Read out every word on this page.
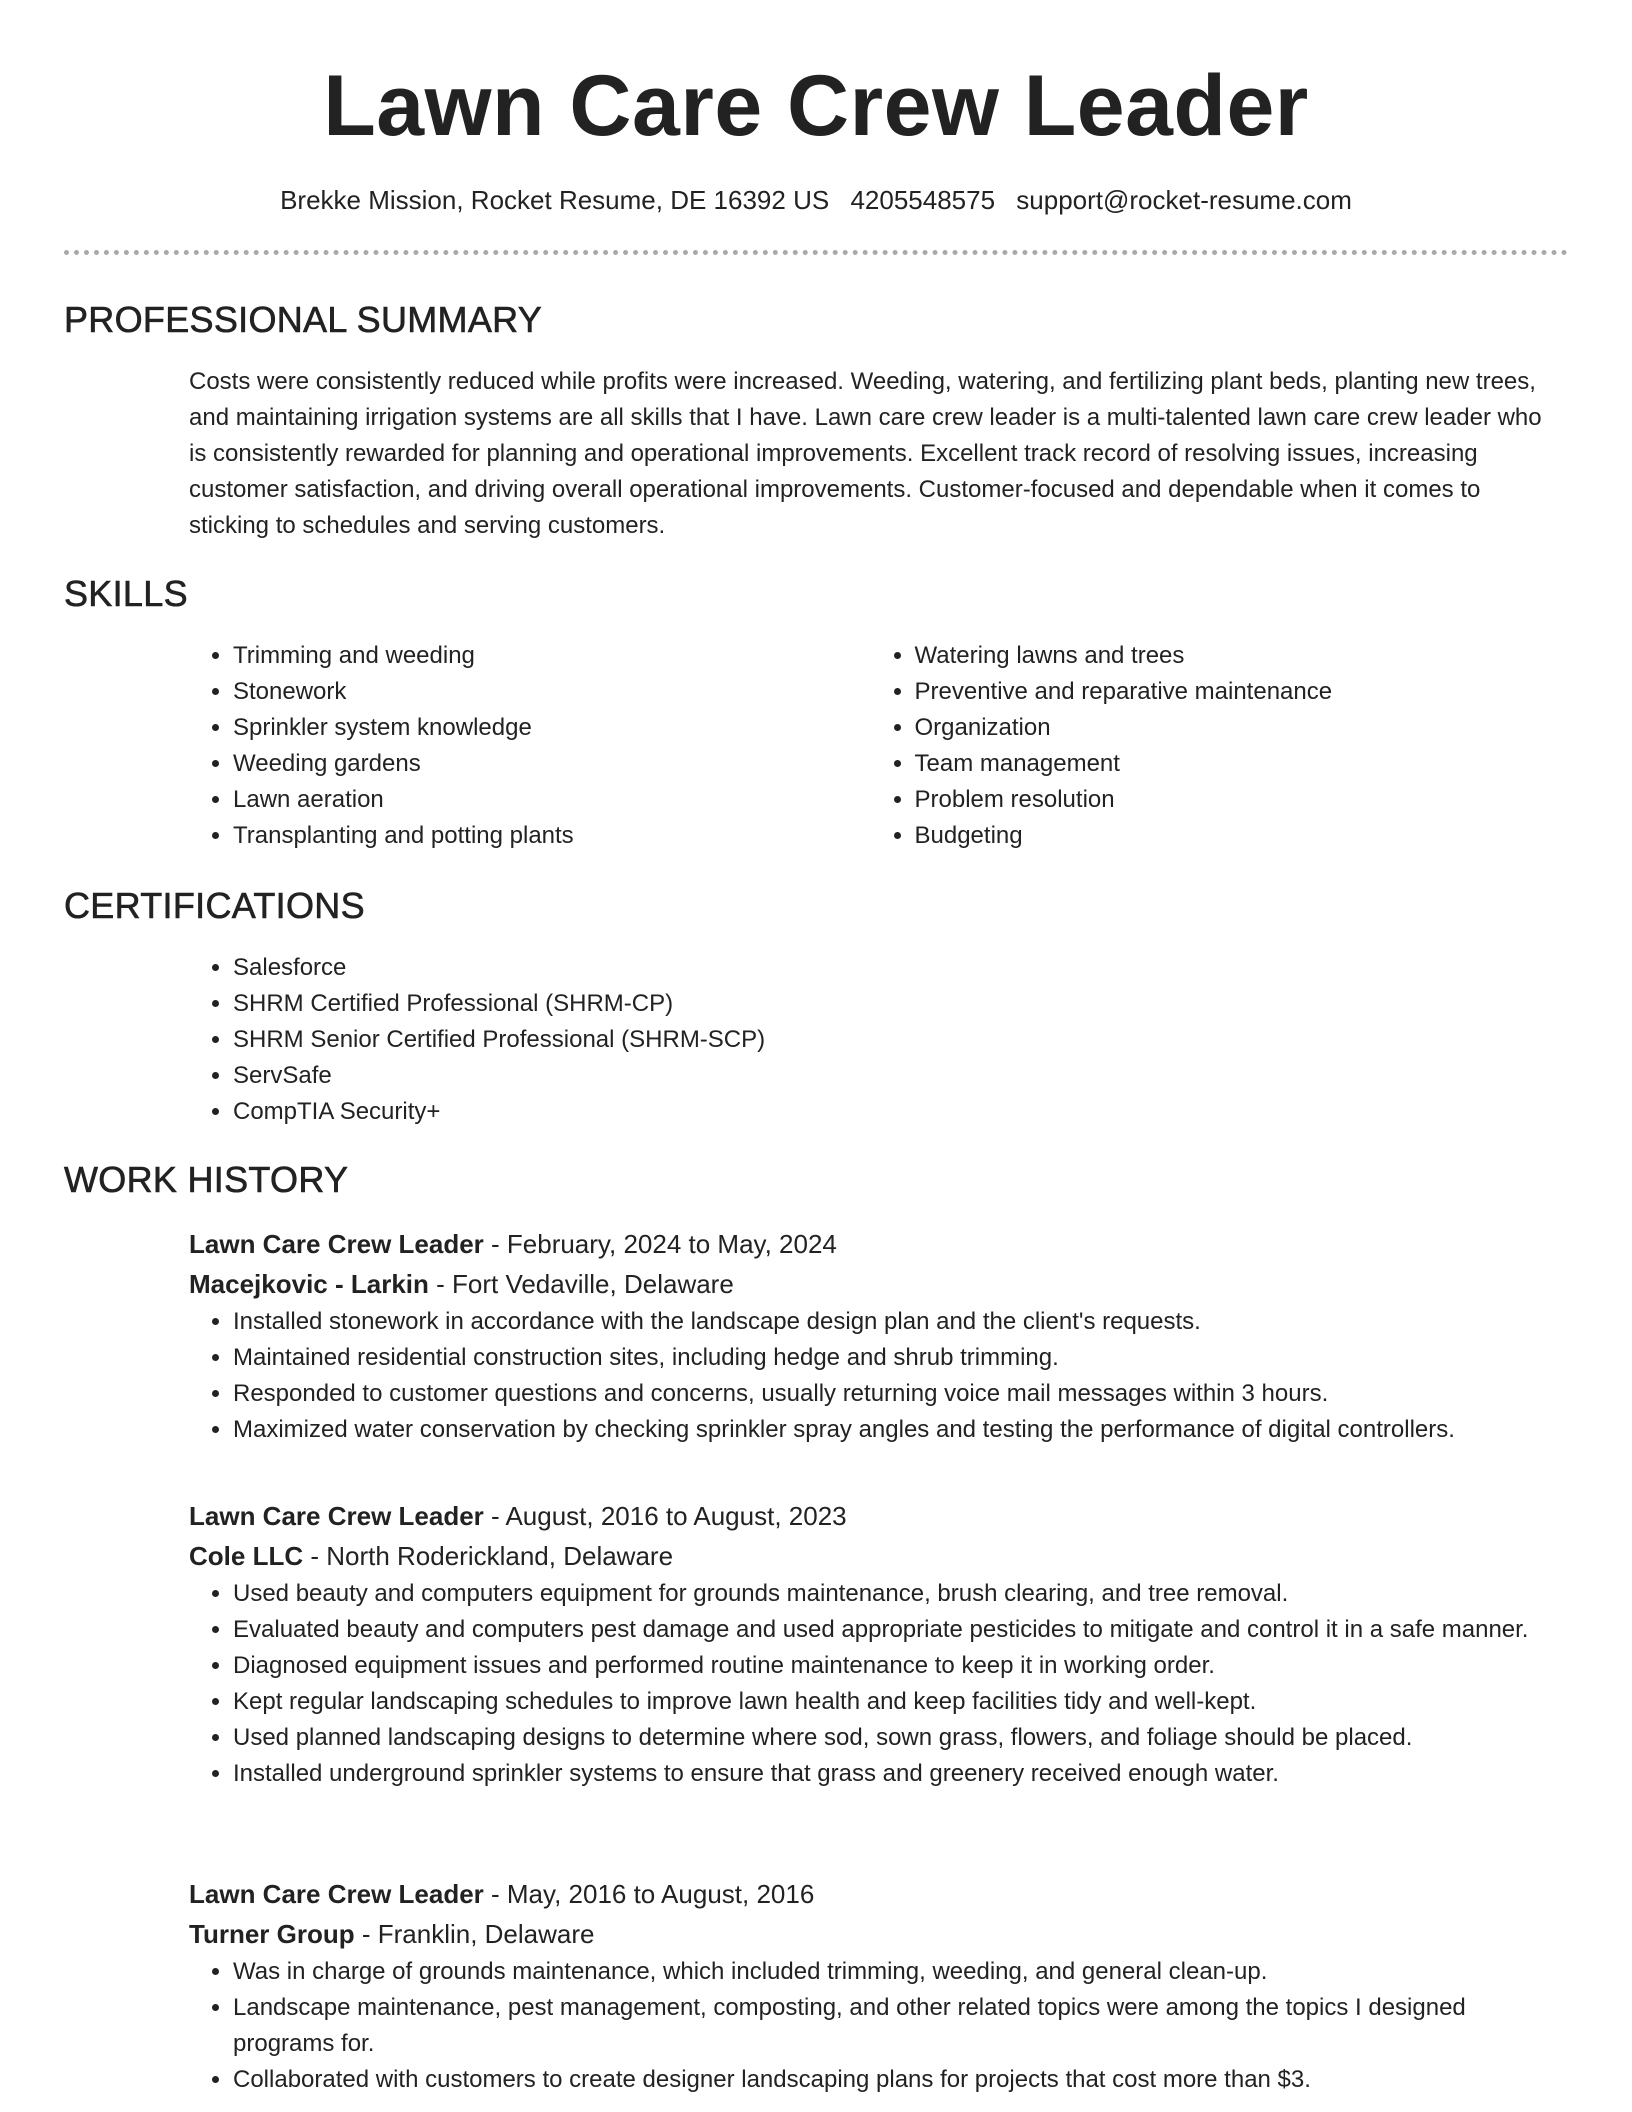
Lawn Care Crew Leader
Brekke Mission, Rocket Resume, DE 16392 US 4205548575 support@rocket-resume.com
PROFESSIONAL SUMMARY
Costs were consistently reduced while profits were increased. Weeding, watering, and fertilizing plant beds, planting new trees, and maintaining irrigation systems are all skills that I have. Lawn care crew leader is a multi-talented lawn care crew leader who is consistently rewarded for planning and operational improvements. Excellent track record of resolving issues, increasing customer satisfaction, and driving overall operational improvements. Customer-focused and dependable when it comes to sticking to schedules and serving customers.
SKILLS
• Trimming and weeding
• Stonework
• Sprinkler system knowledge
• Weeding gardens
• Lawn aeration
• Transplanting and potting plants
• Watering lawns and trees
• Preventive and reparative maintenance
• Organization
• Team management
• Problem resolution
• Budgeting
CERTIFICATIONS
• Salesforce
• SHRM Certified Professional (SHRM-CP)
• SHRM Senior Certified Professional (SHRM-SCP)
• ServSafe
• CompTIA Security+
WORK HISTORY
Lawn Care Crew Leader - February, 2024 to May, 2024
Macejkovic - Larkin - Fort Vedaville, Delaware
• Installed stonework in accordance with the landscape design plan and the client's requests.
• Maintained residential construction sites, including hedge and shrub trimming.
• Responded to customer questions and concerns, usually returning voice mail messages within 3 hours.
• Maximized water conservation by checking sprinkler spray angles and testing the performance of digital controllers.
Lawn Care Crew Leader - August, 2016 to August, 2023
Cole LLC - North Roderickland, Delaware
• Used beauty and computers equipment for grounds maintenance, brush clearing, and tree removal.
• Evaluated beauty and computers pest damage and used appropriate pesticides to mitigate and control it in a safe manner.
• Diagnosed equipment issues and performed routine maintenance to keep it in working order.
• Kept regular landscaping schedules to improve lawn health and keep facilities tidy and well-kept.
• Used planned landscaping designs to determine where sod, sown grass, flowers, and foliage should be placed.
• Installed underground sprinkler systems to ensure that grass and greenery received enough water.
Lawn Care Crew Leader - May, 2016 to August, 2016
Turner Group - Franklin, Delaware
• Was in charge of grounds maintenance, which included trimming, weeding, and general clean-up.
• Landscape maintenance, pest management, composting, and other related topics were among the topics I designed programs for.
• Collaborated with customers to create designer landscaping plans for projects that cost more than $3.
